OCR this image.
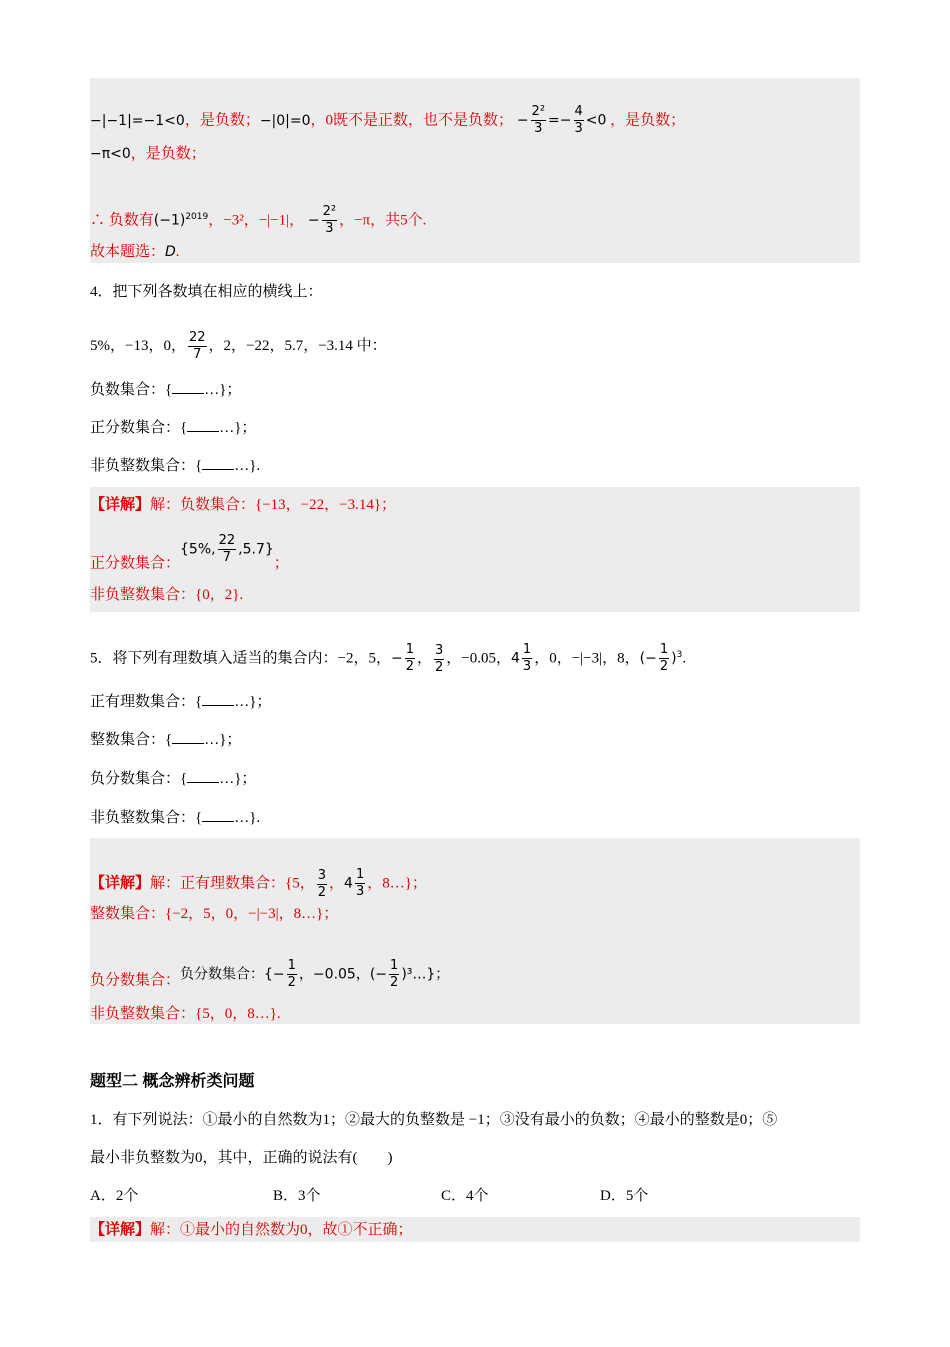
−|−1|=−1<0，是负数；−|0|=0，0既不是正数，也不是负数； − $\frac{\text{2²}}{3} =- \frac{4}{3} <0$ ，是负数；
−π<0，是负数；
∴ 负数有$(-1)^{2019}$，−3²，−|−1|， − $\frac{\text{2²}}{3}$ ，−π，共5个.
故本题选：D.
4．把下列各数填在相应的横线上：
5%，−13，0， $\frac{22}{7}$ ，2，−22，5.7，−3.14 中：
负数集合：{ …}；
正分数集合：{ …}；
非负整数集合：{ …}.
【详解】解：负数集合：{−13，−22，−3.14}；
正分数集合：{5%, $\frac{22}{7} ,5.7$}；
非负整数集合：{0，2}.
5．将下列有理数填入适当的集合内：−2，5，− $\frac{1}{2}$ ， $\frac{3}{2}$ ，−0.05，$4 \frac{1}{3}$ ，0，−|−3|，8，(− $\frac{1}{2} )^3$.
正有理数集合：{ …}；
整数集合：{ …}；
负分数集合：{ …}；
非负整数集合：{ …}.
【详解】解：正有理数集合：{5， $\frac{3}{2}$ ，$4 \frac{1}{3}$ ，8…}；
整数集合：{−2，5，0，−|−3|，8…}；
负分数集合：负分数集合：{− $\frac{1}{2}$ ，−0.05，(− $\frac{1}{2}$ )³…}；
非负整数集合：{5，0，8…}.
题型二 概念辨析类问题
1．有下列说法：①最小的自然数为1；②最大的负整数是 −1；③没有最小的负数；④最小的整数是0；⑤
最小非负整数为0，其中，正确的说法有(　　)
A．2个	B．3个	C．4个	D．5个
【详解】解：①最小的自然数为0，故①不正确；
